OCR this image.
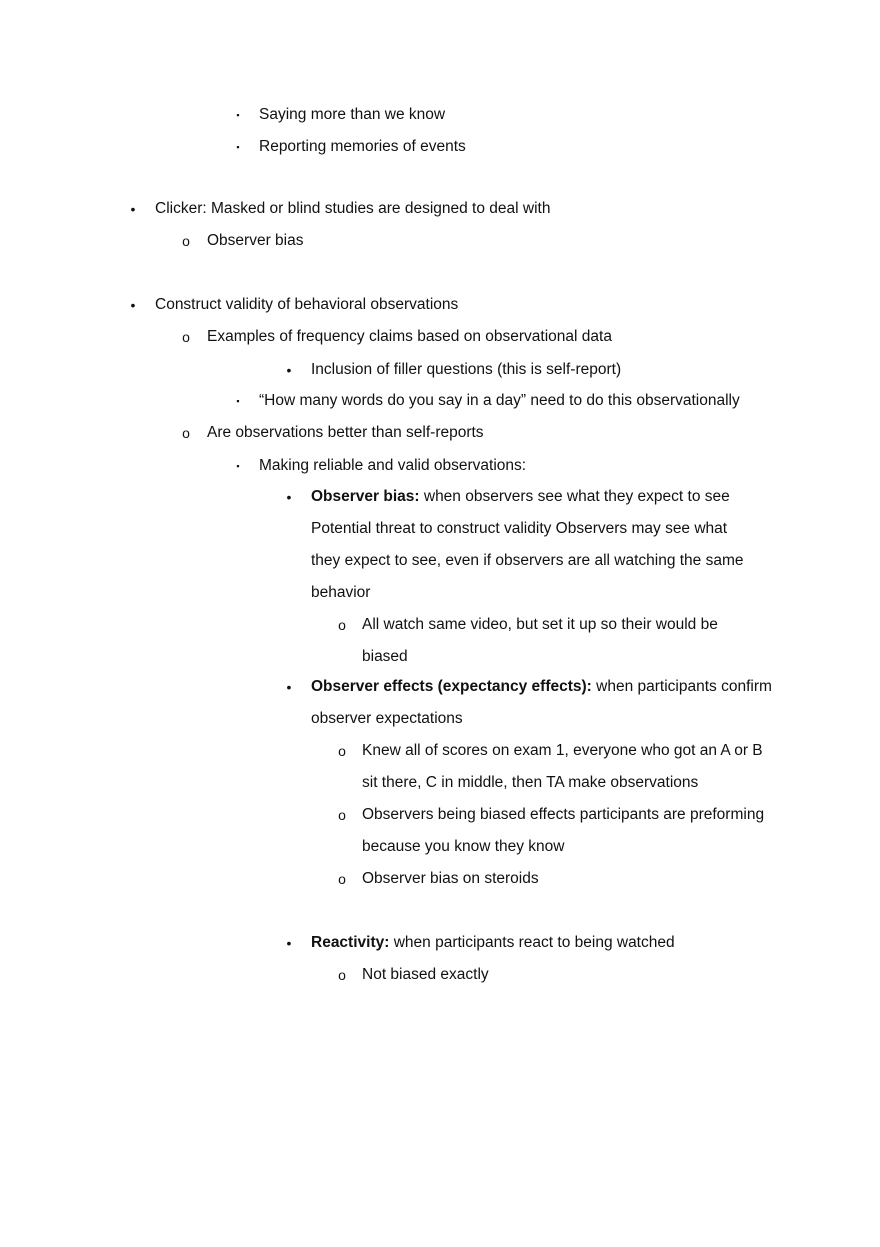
▪	Saying more than we know
▪	Reporting memories of events
• Clicker: Masked or blind studies are designed to deal with
o Observer bias
• Construct validity of behavioral observations
o Examples of frequency claims based on observational data
• Inclusion of filler questions (this is self-report)
▪	“How many words do you say in a day” need to do this observationally
o Are observations better than self-reports
▪	Making reliable and valid observations:
• Observer bias: when observers see what they expect to see
Potential threat to construct validity Observers may see what
they expect to see, even if observers are all watching the same
behavior
o All watch same video, but set it up so their would be
biased
• Observer effects (expectancy effects): when participants confirm
observer expectations
o Knew all of scores on exam 1, everyone who got an A or B
sit there, C in middle, then TA make observations
o Observers being biased effects participants are preforming
because you know they know
o Observer bias on steroids
• Reactivity: when participants react to being watched
o Not biased exactly
